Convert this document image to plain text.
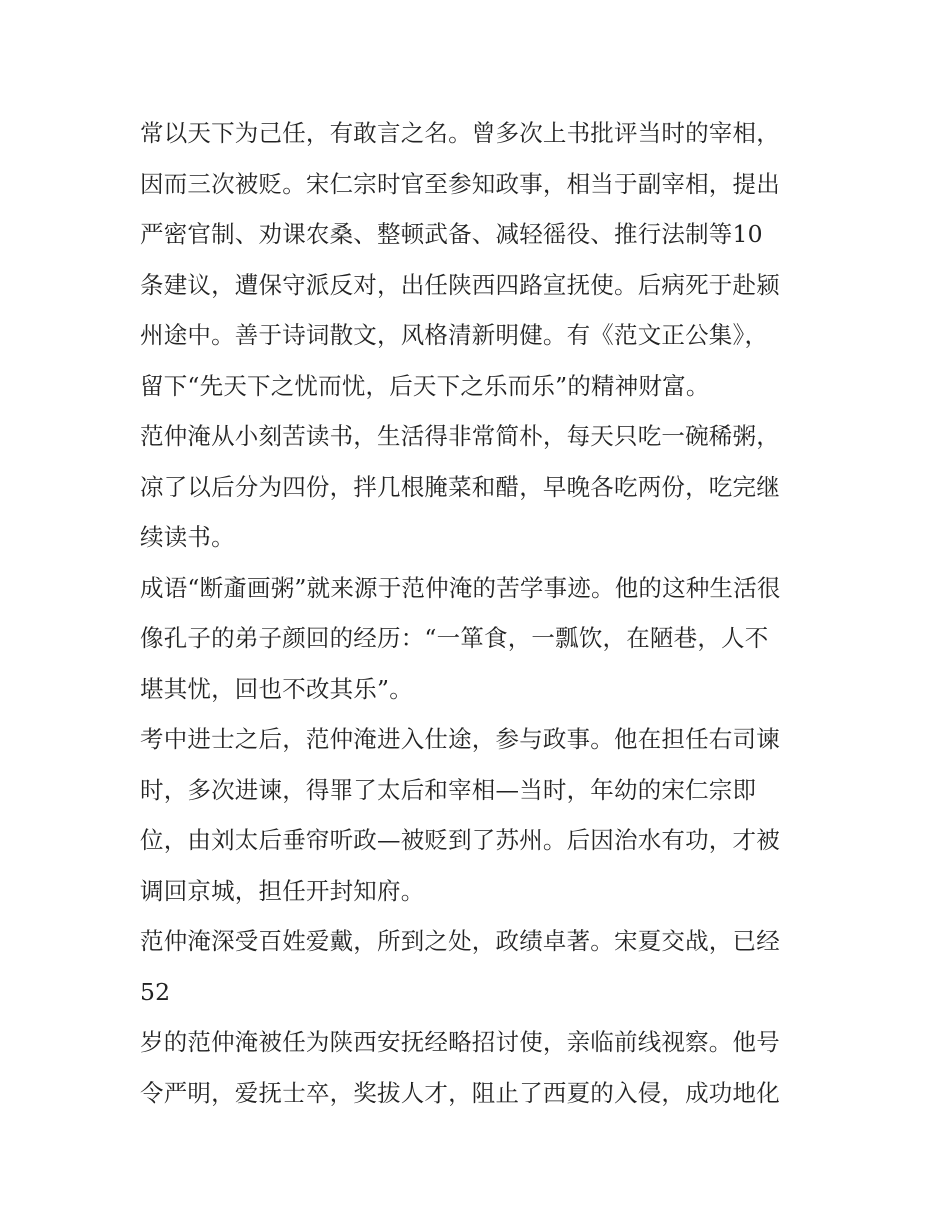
常以天下为己任，有敢言之名。曾多次上书批评当时的宰相，
因而三次被贬。宋仁宗时官至参知政事，相当于副宰相，提出
严密官制、劝课农桑、整顿武备、减轻徭役、推行法制等10
条建议，遭保守派反对，出任陕西四路宣抚使。后病死于赴颍
州途中。善于诗词散文，风格清新明健。有《范文正公集》，
留下“先天下之忧而忧，后天下之乐而乐”的精神财富。
范仲淹从小刻苦读书，生活得非常简朴，每天只吃一碗稀粥，
凉了以后分为四份，拌几根腌菜和醋，早晚各吃两份，吃完继
续读书。
成语“断齑画粥”就来源于范仲淹的苦学事迹。他的这种生活很
像孔子的弟子颜回的经历：“一箪食，一瓢饮，在陋巷，人不
堪其忧，回也不改其乐”。
考中进士之后，范仲淹进入仕途，参与政事。他在担任右司谏
时，多次进谏，得罪了太后和宰相—当时，年幼的宋仁宗即
位，由刘太后垂帘听政—被贬到了苏州。后因治水有功，才被
调回京城，担任开封知府。
范仲淹深受百姓爱戴，所到之处，政绩卓著。宋夏交战，已经
52
岁的范仲淹被任为陕西安抚经略招讨使，亲临前线视察。他号
令严明，爱抚士卒，奖拔人才，阻止了西夏的入侵，成功地化
